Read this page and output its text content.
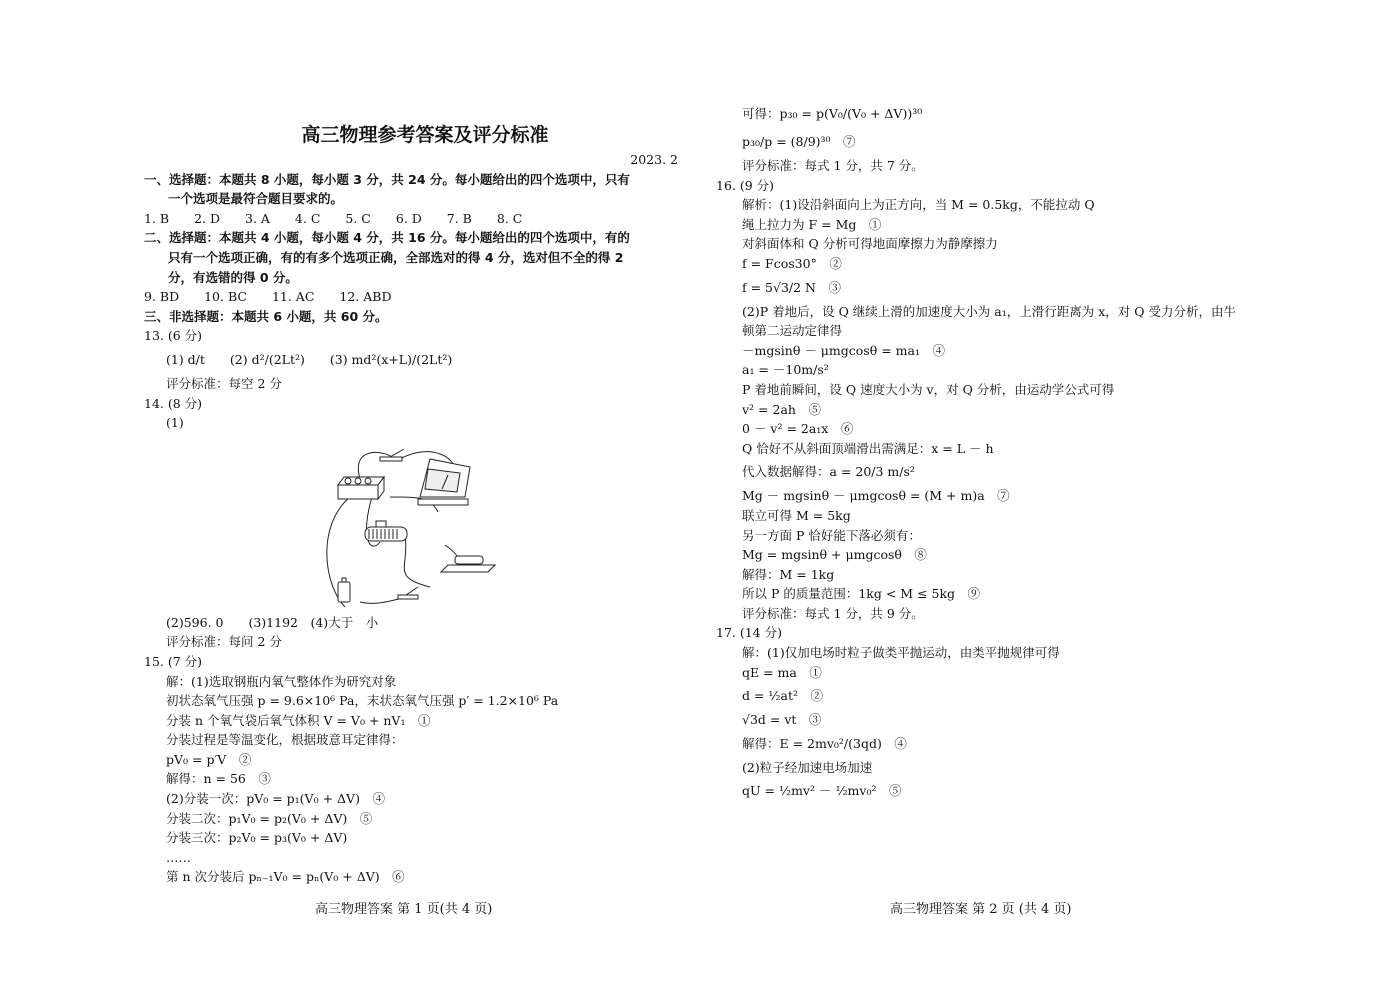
高三物理参考答案及评分标准
2023. 2
一、选择题：本题共 8 小题，每小题 3 分，共 24 分。每小题给出的四个选项中，只有
一个选项是最符合题目要求的。
1. B　　2. D　　3. A　　4. C　　5. C　　6. D　　7. B　　8. C
二、选择题：本题共 4 小题，每小题 4 分，共 16 分。每小题给出的四个选项中，有的
只有一个选项正确，有的有多个选项正确，全部选对的得 4 分，选对但不全的得 2
分，有选错的得 0 分。
9. BD　　10. BC　　11. AC　　12. ABD
三、非选择题：本题共 6 小题，共 60 分。
13. (6 分)
(1) d/t　　(2) d²/(2Lt²)　　(3) md²(x+L)/(2Lt²)
评分标准：每空 2 分
14. (8 分)
(1)
(2)596. 0　　(3)1192　(4)大于　小
评分标准：每问 2 分
15. (7 分)
解：(1)选取钢瓶内氧气整体作为研究对象
初状态氧气压强 p = 9.6×10⁶ Pa，末状态氧气压强 p′ = 1.2×10⁶ Pa
分装 n 个氧气袋后氧气体积 V = V₀ + nV₁　①
分装过程是等温变化，根据玻意耳定律得：
pV₀ = p′V　②
解得：n = 56　③
(2)分装一次：pV₀ = p₁(V₀ + ΔV)　④
分装二次：p₁V₀ = p₂(V₀ + ΔV)　⑤
分装三次：p₂V₀ = p₃(V₀ + ΔV)
……
第 n 次分装后 pₙ₋₁V₀ = pₙ(V₀ + ΔV)　⑥
可得：p₃₀ = p(V₀/(V₀ + ΔV))³⁰
p₃₀/p = (8/9)³⁰　⑦
评分标准：每式 1 分，共 7 分。
16. (9 分)
解析：(1)设沿斜面向上为正方向，当 M = 0.5kg，不能拉动 Q
绳上拉力为 F = Mg　①
对斜面体和 Q 分析可得地面摩擦力为静摩擦力
f = Fcos30°　②
f = 5√3/2 N　③
(2)P 着地后，设 Q 继续上滑的加速度大小为 a₁，上滑行距离为 x，对 Q 受力分析，由牛
顿第二运动定律得
－mgsinθ － μmgcosθ = ma₁　④
a₁ = －10m/s²
P 着地前瞬间，设 Q 速度大小为 v，对 Q 分析，由运动学公式可得
v² = 2ah　⑤
0 － v² = 2a₁x　⑥
Q 恰好不从斜面顶端滑出需满足：x = L － h
代入数据解得：a = 20/3 m/s²
Mg － mgsinθ － μmgcosθ = (M + m)a　⑦
联立可得 M = 5kg
另一方面 P 恰好能下落必须有：
Mg = mgsinθ + μmgcosθ　⑧
解得：M = 1kg
所以 P 的质量范围：1kg < M ≤ 5kg　⑨
评分标准：每式 1 分，共 9 分。
17. (14 分)
解：(1)仅加电场时粒子做类平抛运动，由类平抛规律可得
qE = ma　①
d = ½at²　②
√3d = vt　③
解得：E = 2mv₀²/(3qd)　④
(2)粒子经加速电场加速
qU = ½mv² － ½mv₀²　⑤
高三物理答案 第 1 页(共 4 页)	高三物理答案 第 2 页 (共 4 页)
